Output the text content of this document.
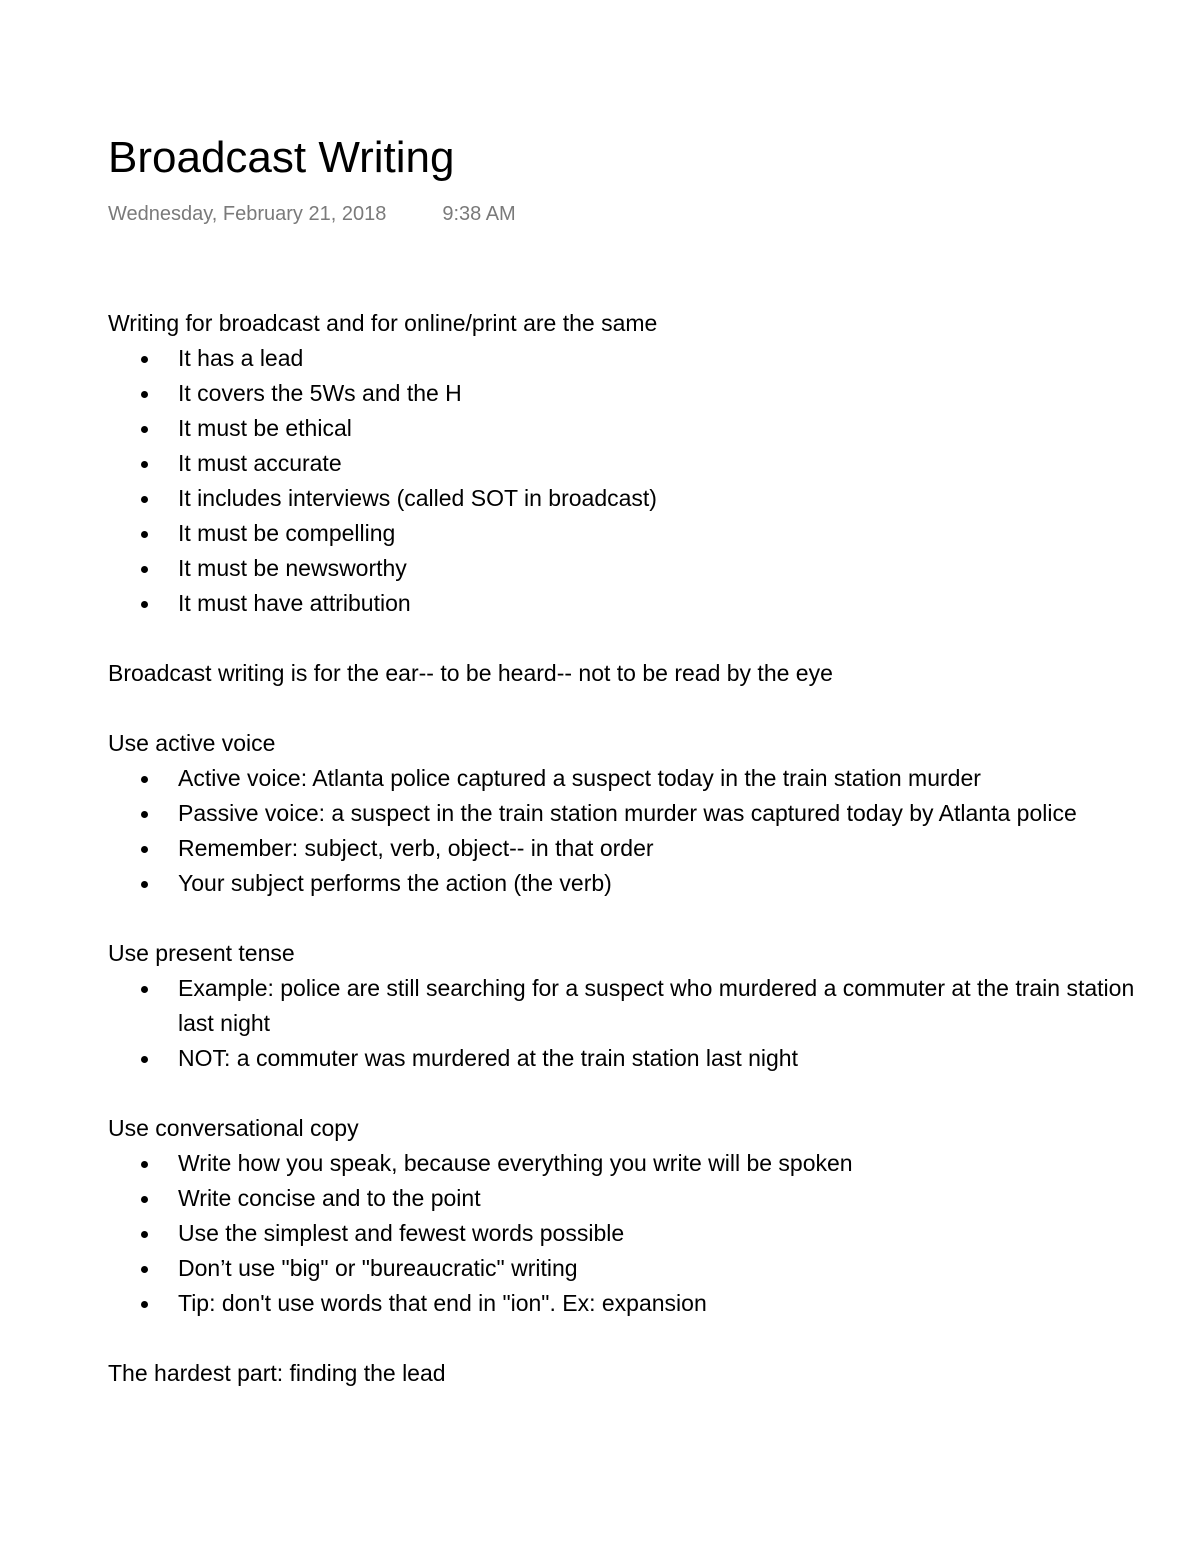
Broadcast Writing
Wednesday, February 21, 2018	9:38 AM

Writing for broadcast and for online/print are the same

It has a lead
It covers the 5Ws and the H
It must be ethical
It must accurate
It includes interviews (called SOT in broadcast)
It must be compelling
It must be newsworthy
It must have attribution

Broadcast writing is for the ear-- to be heard-- not to be read by the eye

Use active voice

Active voice: Atlanta police captured a suspect today in the train station murder
Passive voice: a suspect in the train station murder was captured today by Atlanta police
Remember: subject, verb, object-- in that order
Your subject performs the action (the verb)

Use present tense

Example: police are still searching for a suspect who murdered a commuter at the train station last night
NOT: a commuter was murdered at the train station last night

Use conversational copy

Write how you speak, because everything you write will be spoken
Write concise and to the point
Use the simplest and fewest words possible
Don’t use "big" or "bureaucratic" writing
Tip: don't use words that end in "ion". Ex: expansion

The hardest part: finding the lead
